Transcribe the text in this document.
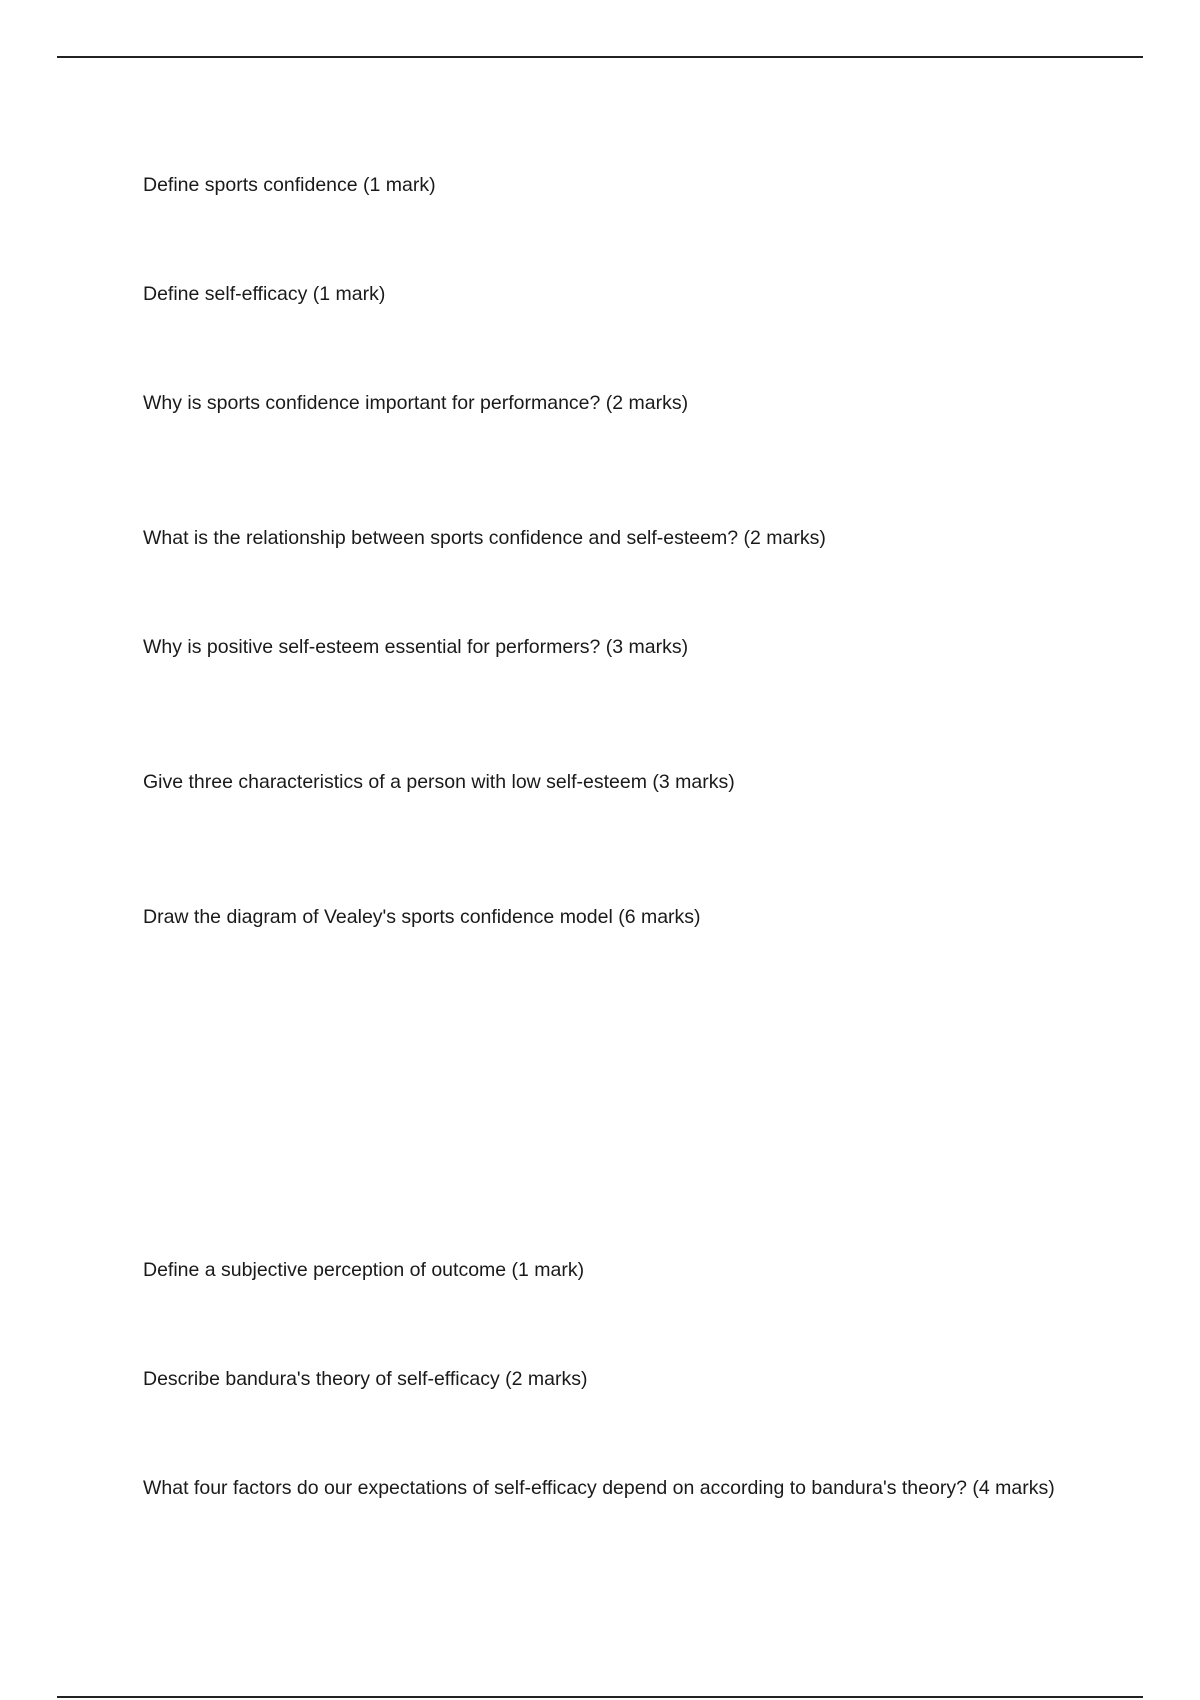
Define sports confidence (1 mark)

Define self-efficacy (1 mark)

Why is sports confidence important for performance? (2 marks)

What is the relationship between sports confidence and self-esteem? (2 marks)

Why is positive self-esteem essential for performers? (3 marks)

Give three characteristics of a person with low self-esteem (3 marks)

Draw the diagram of Vealey's sports confidence model (6 marks)

Define a subjective perception of outcome (1 mark)

Describe bandura's theory of self-efficacy (2 marks)

What four factors do our expectations of self-efficacy depend on according to bandura's theory? (4 marks)
